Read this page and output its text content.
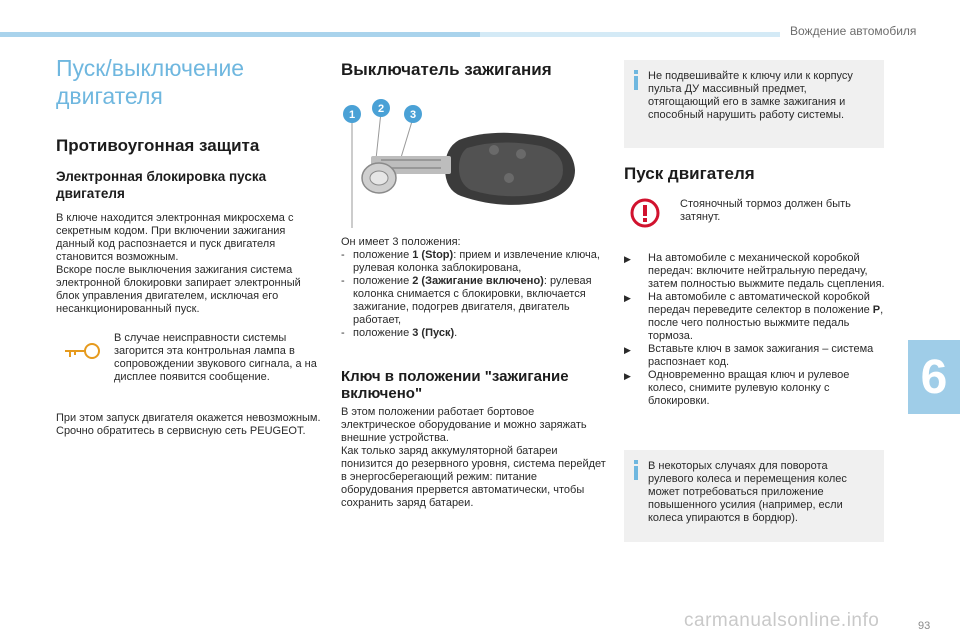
Вождение автомобиля
6
carmanualsonline.info	93
Пуск/выключение двигателя
Противоугонная защита
Электронная блокировка пуска двигателя
В ключе находится электронная микросхема с секретным кодом. При включении зажигания данный код распознается и пуск двигателя становится возможным.
Вскоре после выключения зажигания система электронной блокировки запирает электронный блок управления двигателем, исключая его несанкционированный пуск.
В случае неисправности системы загорится эта контрольная лампа в сопровождении звукового сигнала, а на дисплее появится сообщение.
При этом запуск двигателя окажется невозможным. Срочно обратитесь в сервисную сеть PEUGEOT.
Выключатель зажигания
1 2 3
Он имеет 3 положения:
- положение 1 (Stop): прием и извлечение ключа, рулевая колонка заблокирована,
- положение 2 (Зажигание включено): рулевая колонка снимается с блокировки, включается зажигание, подогрев двигателя, двигатель работает,
- положение 3 (Пуск).
Ключ в положении "зажигание включено"
В этом положении работает бортовое электрическое оборудование и можно заряжать внешние устройства.
Как только заряд аккумуляторной батареи понизится до резервного уровня, система перейдет в энергосберегающий режим: питание оборудования прервется автоматически, чтобы сохранить заряд батареи.
Не подвешивайте к ключу или к корпусу пульта ДУ массивный предмет, отягощающий его в замке зажигания и способный нарушить работу системы.
Пуск двигателя
Стояночный тормоз должен быть затянут.
▶	На автомобиле с механической коробкой передач: включите нейтральную передачу, затем полностью выжмите педаль сцепления.
▶	На автомобиле с автоматической коробкой передач переведите селектор в положение P, после чего полностью выжмите педаль тормоза.
▶	Вставьте ключ в замок зажигания – система распознает код.
▶	Одновременно вращая ключ и рулевое колесо, снимите рулевую колонку с блокировки.
В некоторых случаях для поворота рулевого колеса и перемещения колес может потребоваться приложение повышенного усилия (например, если колеса упираются в бордюр).
